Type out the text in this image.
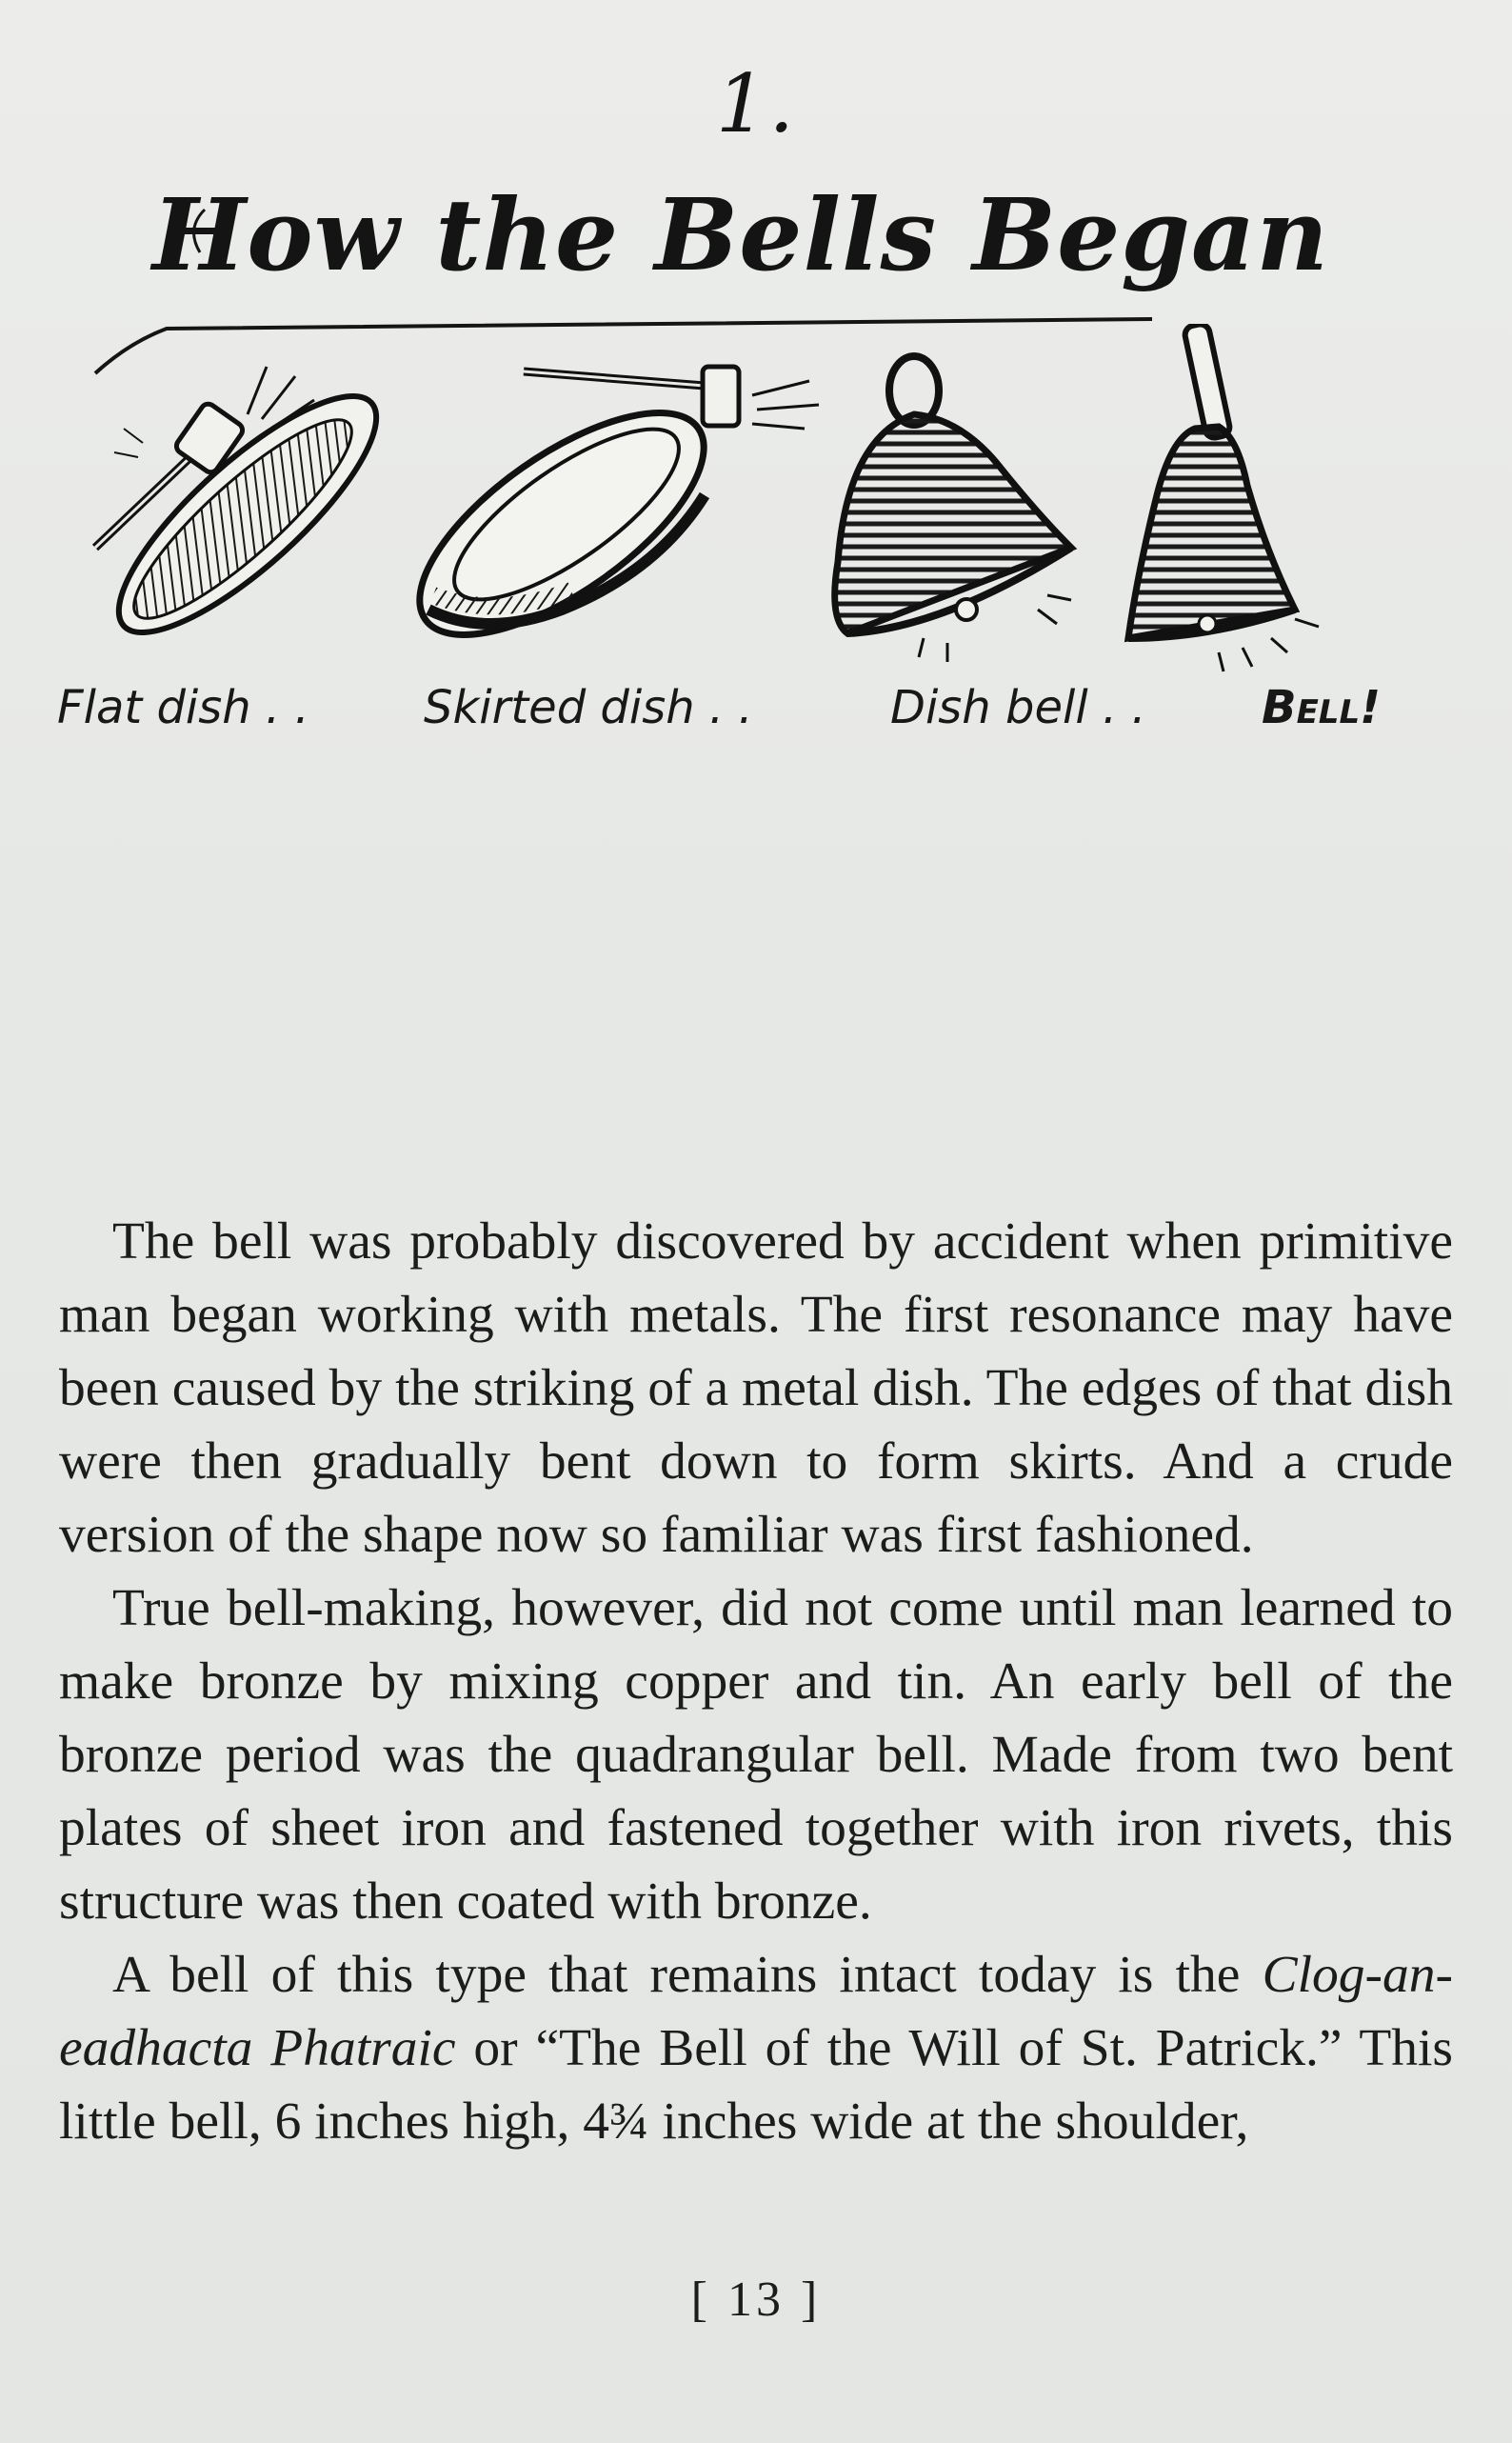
1.
How the Bells Began
Flat dish . .	Skirted dish . .	Dish bell . .	Bell!

The bell was probably discovered by accident when primitive man began working with metals. The first resonance may have been caused by the striking of a metal dish. The edges of that dish were then gradually bent down to form skirts. And a crude version of the shape now so familiar was first fashioned.

True bell-making, however, did not come until man learned to make bronze by mixing copper and tin. An early bell of the bronze period was the quadrangular bell. Made from two bent plates of sheet iron and fastened together with iron rivets, this structure was then coated with bronze.

A bell of this type that remains intact today is the Clog-an-eadhacta Phatraic or “The Bell of the Will of St. Patrick.” This little bell, 6 inches high, 4¾ inches wide at the shoulder,

[ 13 ]
